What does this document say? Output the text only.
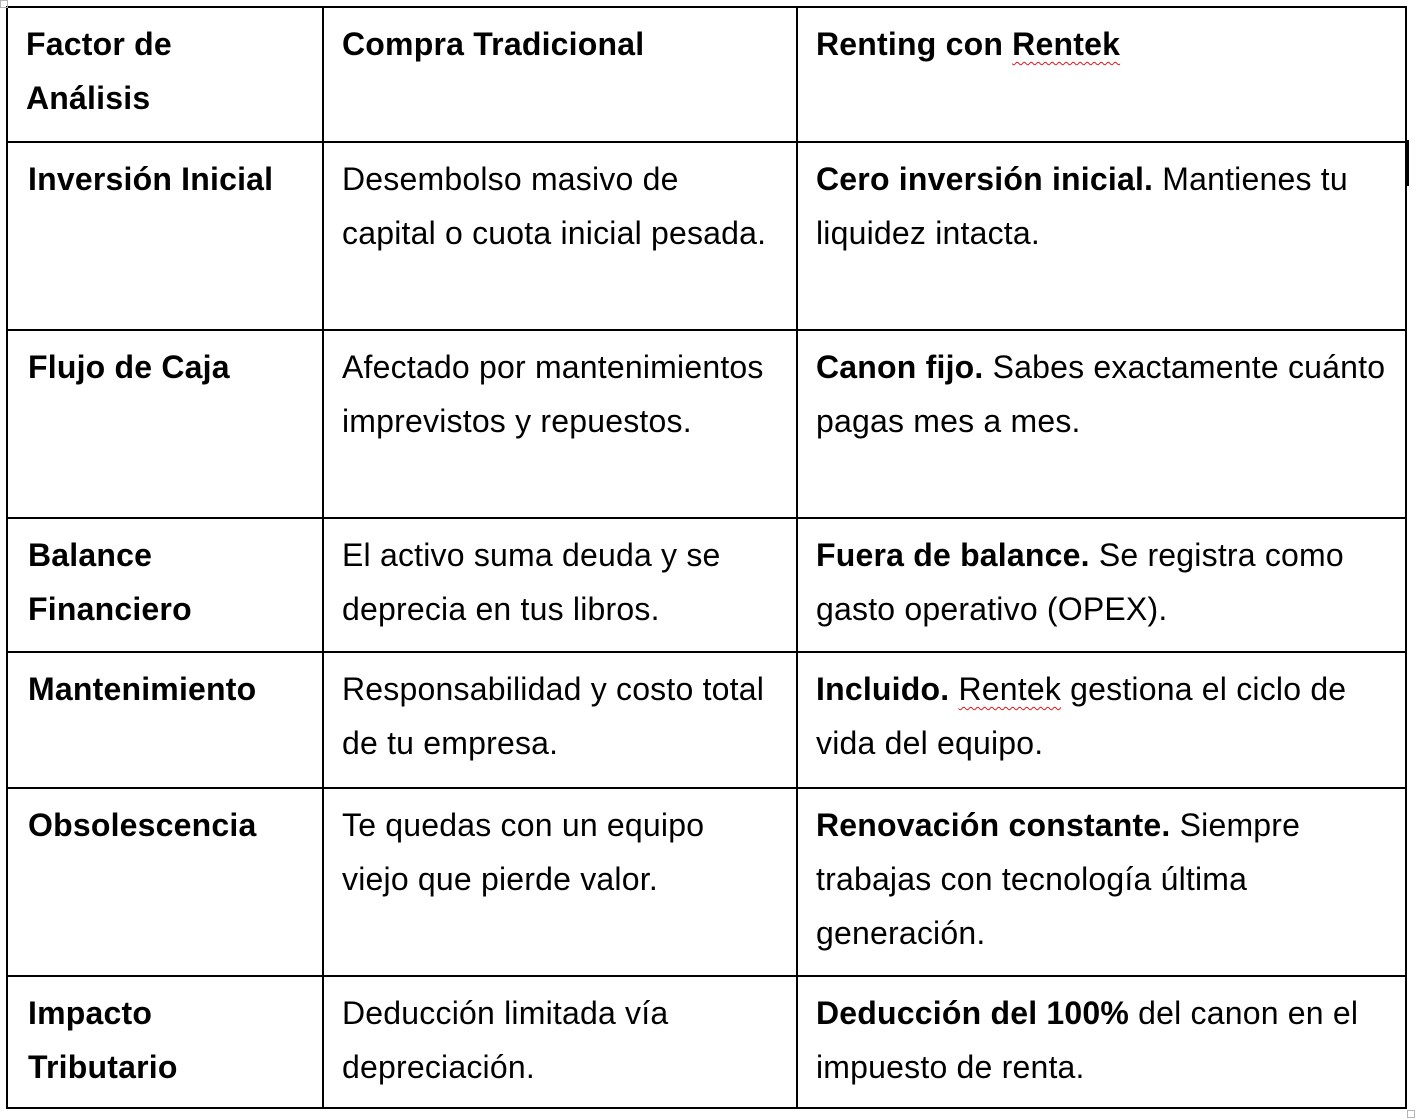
Factor de Análisis	Compra Tradicional	Renting con Rentek
Inversión Inicial	Desembolso masivo de capital o cuota inicial pesada.	Cero inversión inicial. Mantienes tu liquidez intacta.
Flujo de Caja	Afectado por mantenimientos imprevistos y repuestos.	Canon fijo. Sabes exactamente cuánto pagas mes a mes.
Balance Financiero	El activo suma deuda y se deprecia en tus libros.	Fuera de balance. Se registra como gasto operativo (OPEX).
Mantenimiento	Responsabilidad y costo total de tu empresa.	Incluido. Rentek gestiona el ciclo de vida del equipo.
Obsolescencia	Te quedas con un equipo viejo que pierde valor.	Renovación constante. Siempre trabajas con tecnología última generación.
Impacto Tributario	Deducción limitada vía depreciación.	Deducción del 100% del canon en el impuesto de renta.
